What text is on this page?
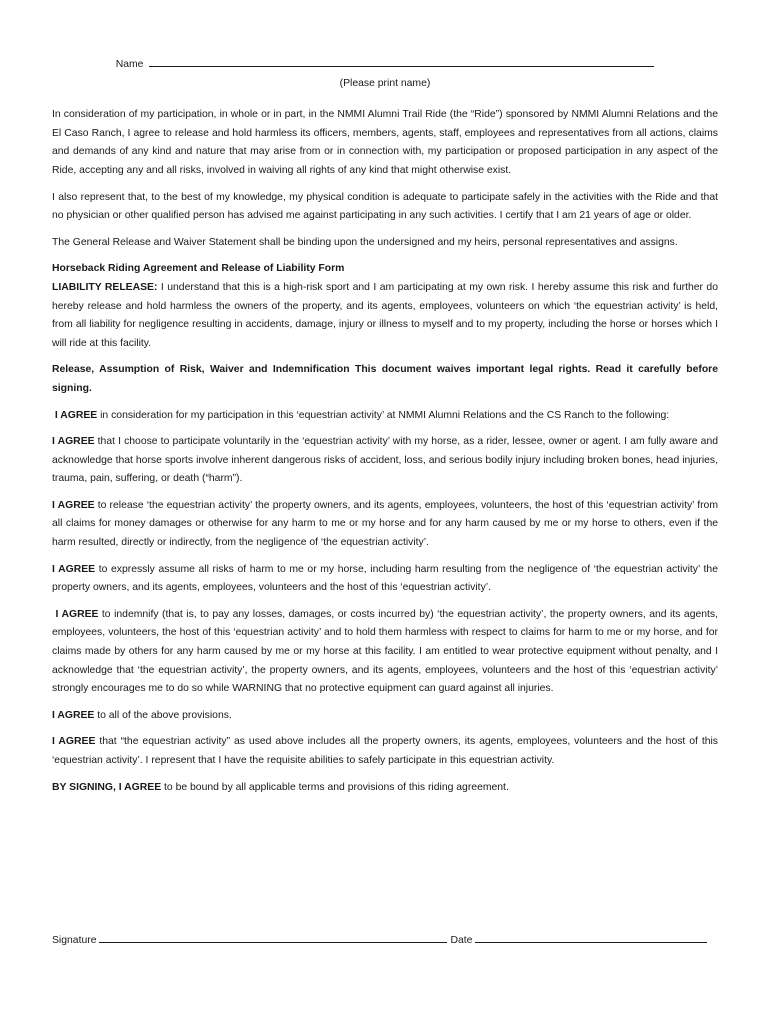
Name

(Please print name)

In consideration of my participation, in whole or in part, in the NMMI Alumni Trail Ride (the “Ride”) sponsored by NMMI Alumni Relations and the El Caso Ranch, I agree to release and hold harmless its officers, members, agents, staff, employees and representatives from all actions, claims and demands of any kind and nature that may arise from or in connection with, my participation or proposed participation in any aspect of the Ride, accepting any and all risks, involved in waiving all rights of any kind that might otherwise exist.

I also represent that, to the best of my knowledge, my physical condition is adequate to participate safely in the activities with the Ride and that no physician or other qualified person has advised me against participating in any such activities. I certify that I am 21 years of age or older.

The General Release and Waiver Statement shall be binding upon the undersigned and my heirs, personal representatives and assigns.

Horseback Riding Agreement and Release of Liability Form

LIABILITY RELEASE: I understand that this is a high-risk sport and I am participating at my own risk. I hereby assume this risk and further do hereby release and hold harmless the owners of the property, and its agents, employees, volunteers on which ‘the equestrian activity’ is held, from all liability for negligence resulting in accidents, damage, injury or illness to myself and to my property, including the horse or horses which I will ride at this facility.

Release, Assumption of Risk, Waiver and Indemnification This document waives important legal rights. Read it carefully before signing.

I AGREE in consideration for my participation in this ‘equestrian activity’ at NMMI Alumni Relations and the CS Ranch to the following:

I AGREE that I choose to participate voluntarily in the ‘equestrian activity’ with my horse, as a rider, lessee, owner or agent. I am fully aware and acknowledge that horse sports involve inherent dangerous risks of accident, loss, and serious bodily injury including broken bones, head injuries, trauma, pain, suffering, or death (“harm”).

I AGREE to release ‘the equestrian activity’ the property owners, and its agents, employees, volunteers, the host of this ‘equestrian activity’ from all claims for money damages or otherwise for any harm to me or my horse and for any harm caused by me or my horse to others, even if the harm resulted, directly or indirectly, from the negligence of ‘the equestrian activity’.

I AGREE to expressly assume all risks of harm to me or my horse, including harm resulting from the negligence of ‘the equestrian activity’ the property owners, and its agents, employees, volunteers and the host of this ‘equestrian activity’.

I AGREE to indemnify (that is, to pay any losses, damages, or costs incurred by) ‘the equestrian activity’, the property owners, and its agents, employees, volunteers, the host of this ‘equestrian activity’ and to hold them harmless with respect to claims for harm to me or my horse, and for claims made by others for any harm caused by me or my horse at this facility. I am entitled to wear protective equipment without penalty, and I acknowledge that ‘the equestrian activity’, the property owners, and its agents, employees, volunteers and the host of this ‘equestrian activity’ strongly encourages me to do so while WARNING that no protective equipment can guard against all injuries.

I AGREE to all of the above provisions.

I AGREE that “the equestrian activity” as used above includes all the property owners, its agents, employees, volunteers and the host of this ‘equestrian activity’. I represent that I have the requisite abilities to safely participate in this equestrian activity.

BY SIGNING, I AGREE to be bound by all applicable terms and provisions of this riding agreement.

Signature	Date
